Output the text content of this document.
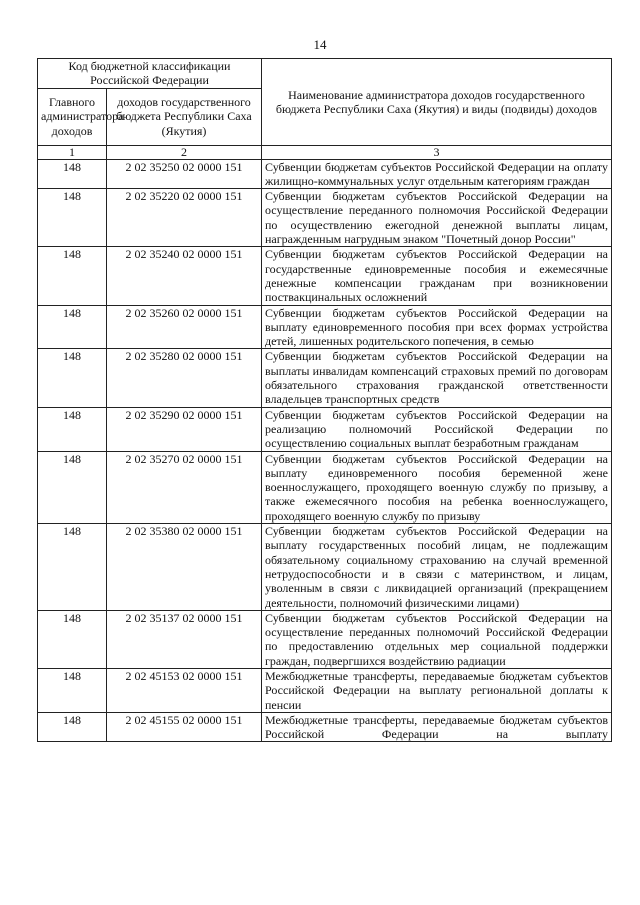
14
Код бюджетной классификации Российской Федерации		Наименование администратора доходов государственного бюджета Республики Саха (Якутия) и виды (подвиды) доходов
Главного администратора доходов	доходов государственного бюджета Республики Саха (Якутия)	
1	2	3
148	2 02 35250 02 0000 151	Субвенции бюджетам субъектов Российской Федерации на оплату жилищно-коммунальных услуг отдельным категориям граждан
148	2 02 35220 02 0000 151	Субвенции бюджетам субъектов Российской Федерации на осуществление переданного полномочия Российской Федерации по осуществлению ежегодной денежной выплаты лицам, награжденным нагрудным знаком "Почетный донор России"
148	2 02 35240 02 0000 151	Субвенции бюджетам субъектов Российской Федерации на государственные единовременные пособия и ежемесячные денежные компенсации гражданам при возникновении поствакцинальных осложнений
148	2 02 35260 02 0000 151	Субвенции бюджетам субъектов Российской Федерации на выплату единовременного пособия при всех формах устройства детей, лишенных родительского попечения, в семью
148	2 02 35280 02 0000 151	Субвенции бюджетам субъектов Российской Федерации на выплаты инвалидам компенсаций страховых премий по договорам обязательного страхования гражданской ответственности владельцев транспортных средств
148	2 02 35290 02 0000 151	Субвенции бюджетам субъектов Российской Федерации на реализацию полномочий Российской Федерации по осуществлению социальных выплат безработным гражданам
148	2 02 35270 02 0000 151	Субвенции бюджетам субъектов Российской Федерации на выплату единовременного пособия беременной жене военнослужащего, проходящего военную службу по призыву, а также ежемесячного пособия на ребенка военнослужащего, проходящего военную службу по призыву
148	2 02 35380 02 0000 151	Субвенции бюджетам субъектов Российской Федерации на выплату государственных пособий лицам, не подлежащим обязательному социальному страхованию на случай временной нетрудоспособности и в связи с материнством, и лицам, уволенным в связи с ликвидацией организаций (прекращением деятельности, полномочий физическими лицами)
148	2 02 35137 02 0000 151	Субвенции бюджетам субъектов Российской Федерации на осуществление переданных полномочий Российской Федерации по предоставлению отдельных мер социальной поддержки граждан, подвергшихся воздействию радиации
148	2 02 45153 02 0000 151	Межбюджетные трансферты, передаваемые бюджетам субъектов Российской Федерации на выплату региональной доплаты к пенсии
148	2 02 45155 02 0000 151	Межбюджетные трансферты, передаваемые бюджетам субъектов Российской Федерации на выплату
